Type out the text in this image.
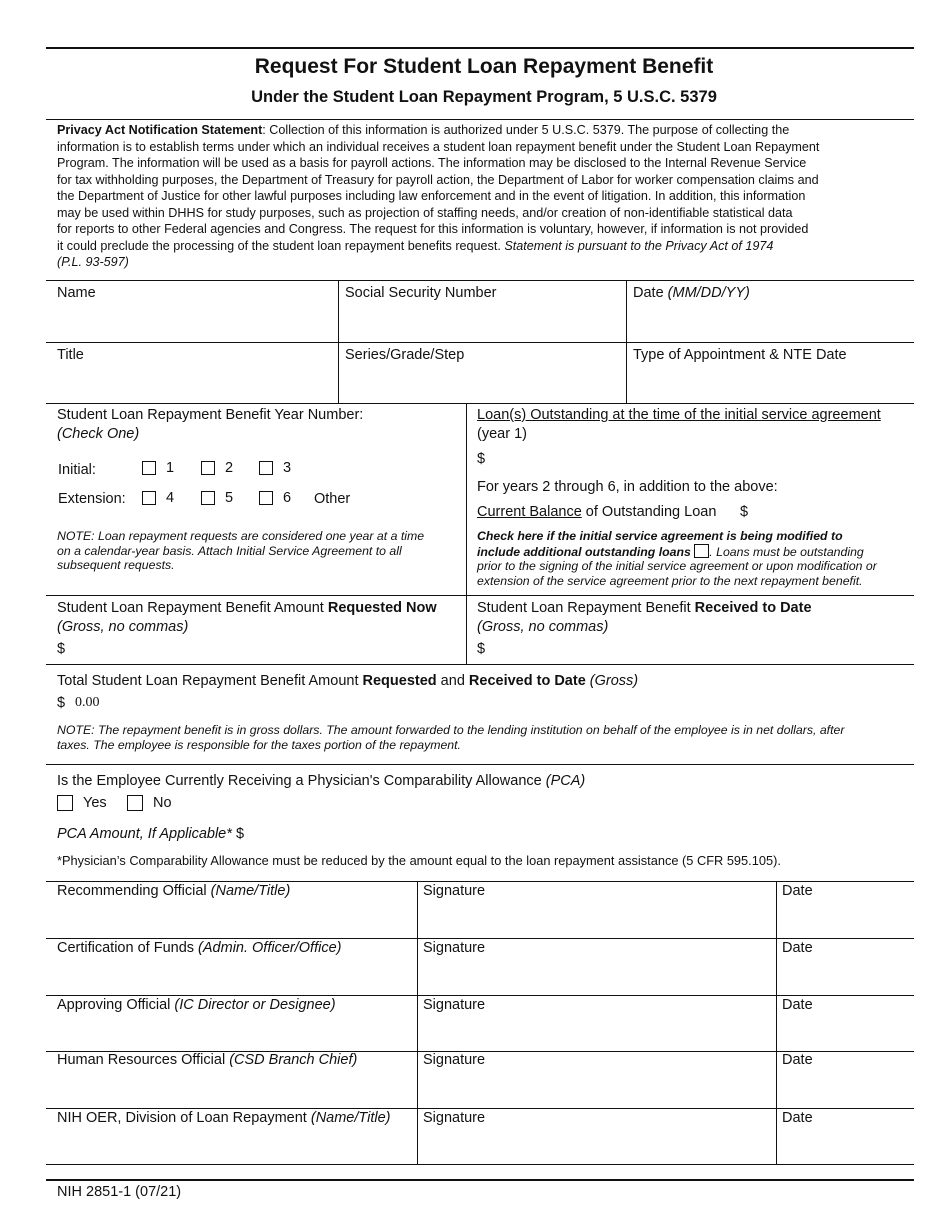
Request For Student Loan Repayment Benefit
Under the Student Loan Repayment Program, 5 U.S.C. 5379
Privacy Act Notification Statement: Collection of this information is authorized under 5 U.S.C. 5379. The purpose of collecting the
information is to establish terms under which an individual receives a student loan repayment benefit under the Student Loan Repayment
Program. The information will be used as a basis for payroll actions. The information may be disclosed to the Internal Revenue Service
for tax withholding purposes, the Department of Treasury for payroll action, the Department of Labor for worker compensation claims and
the Department of Justice for other lawful purposes including law enforcement and in the event of litigation. In addition, this information
may be used within DHHS for study purposes, such as projection of staffing needs, and/or creation of non-identifiable statistical data
for reports to other Federal agencies and Congress. The request for this information is voluntary, however, if information is not provided
it could preclude the processing of the student loan repayment benefits request. Statement is pursuant to the Privacy Act of 1974
(P.L. 93-597)
Name	Social Security Number	Date (MM/DD/YY)
Title	Series/Grade/Step	Type of Appointment & NTE Date
Student Loan Repayment Benefit Year Number:
(Check One)
Initial:	1	2	3
Extension:	4	5	6 Other
NOTE: Loan repayment requests are considered one year at a time
on a calendar-year basis. Attach Initial Service Agreement to all
subsequent requests.
Loan(s) Outstanding at the time of the initial service agreement
(year 1)
$
For years 2 through 6, in addition to the above:
Current Balance of Outstanding Loan $
Check here if the initial service agreement is being modified to
include additional outstanding loans . Loans must be outstanding
prior to the signing of the initial service agreement or upon modification or
extension of the service agreement prior to the next repayment benefit.
Student Loan Repayment Benefit Amount Requested Now
(Gross, no commas)
$
Student Loan Repayment Benefit Received to Date
(Gross, no commas)
$
Total Student Loan Repayment Benefit Amount Requested and Received to Date (Gross)
$ 0.00
NOTE: The repayment benefit is in gross dollars. The amount forwarded to the lending institution on behalf of the employee is in net dollars, after
taxes. The employee is responsible for the taxes portion of the repayment.
Is the Employee Currently Receiving a Physician's Comparability Allowance (PCA)
Yes	No
PCA Amount, If Applicable* $
*Physician’s Comparability Allowance must be reduced by the amount equal to the loan repayment assistance (5 CFR 595.105).
Recommending Official (Name/Title)	Signature	Date
Certification of Funds (Admin. Officer/Office)	Signature	Date
Approving Official (IC Director or Designee)	Signature	Date
Human Resources Official (CSD Branch Chief)	Signature	Date
NIH OER, Division of Loan Repayment (Name/Title) Signature	Date
NIH 2851-1 (07/21)
